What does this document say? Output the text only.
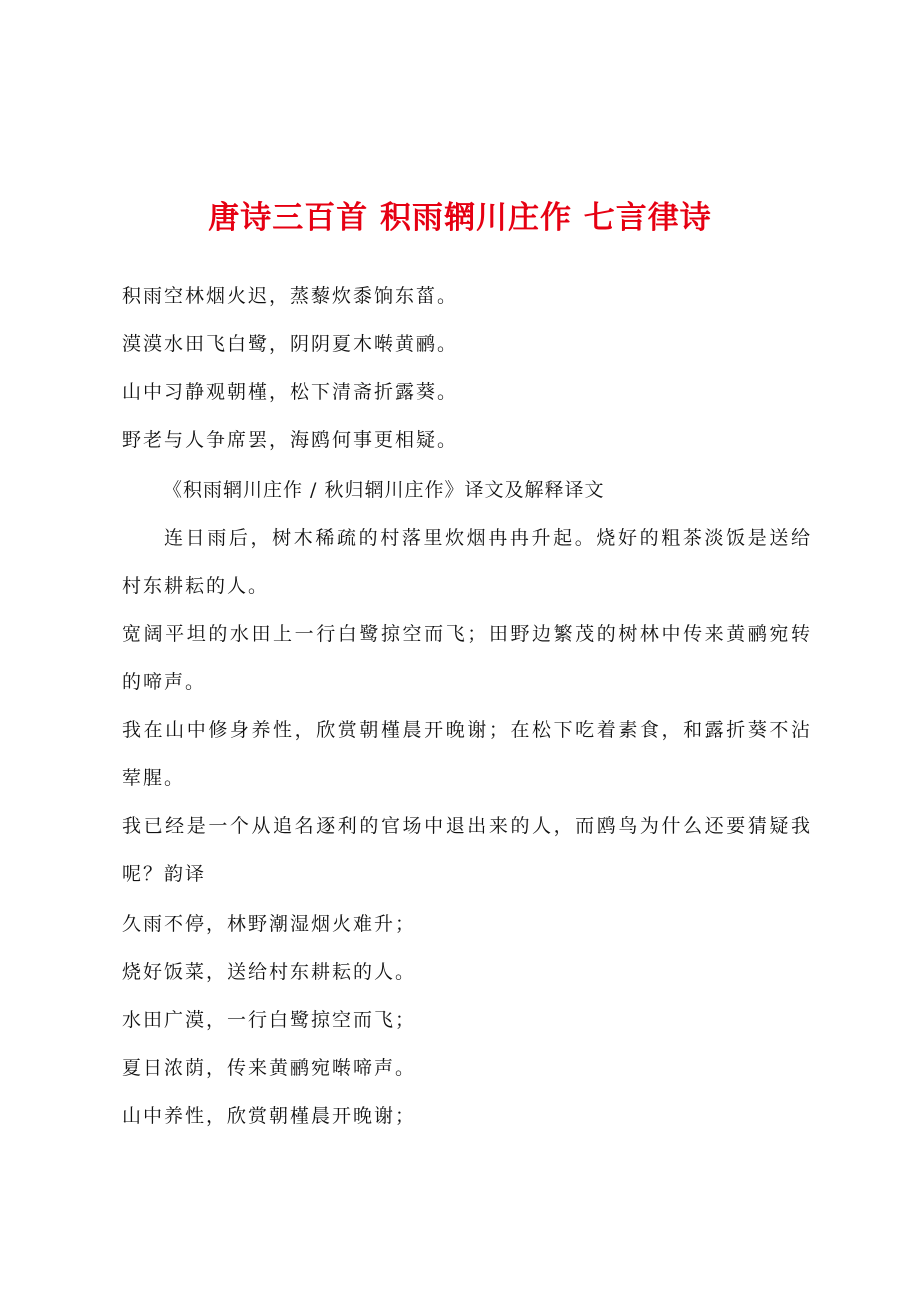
唐诗三百首 积雨辋川庄作 七言律诗
积雨空林烟火迟，蒸藜炊黍饷东菑。
漠漠水田飞白鹭，阴阴夏木啭黄鹂。
山中习静观朝槿，松下清斋折露葵。
野老与人争席罢，海鸥何事更相疑。
《积雨辋川庄作 / 秋归辋川庄作》译文及解释译文
连日雨后，树木稀疏的村落里炊烟冉冉升起。烧好的粗茶淡饭是送给村东耕耘的人。
宽阔平坦的水田上一行白鹭掠空而飞；田野边繁茂的树林中传来黄鹂宛转的啼声。
我在山中修身养性，欣赏朝槿晨开晚谢；在松下吃着素食，和露折葵不沾荤腥。
我已经是一个从追名逐利的官场中退出来的人，而鸥鸟为什么还要猜疑我呢？韵译
久雨不停，林野潮湿烟火难升；
烧好饭菜，送给村东耕耘的人。
水田广漠，一行白鹭掠空而飞；
夏日浓荫，传来黄鹂宛啭啼声。
山中养性，欣赏朝槿晨开晚谢；
